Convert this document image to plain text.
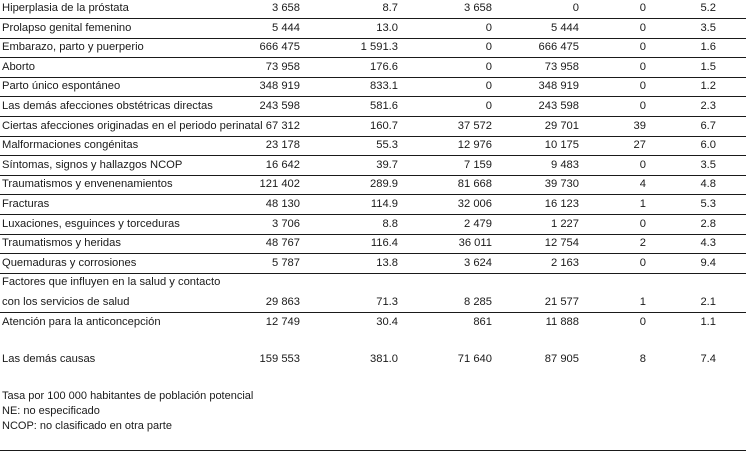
Hiperplasia de la próstata	3 658	8.7	3 658	0	0	5.2
Prolapso genital femenino	5 444	13.0	0	5 444	0	3.5
Embarazo, parto y puerperio	666 475	1 591.3	0	666 475	0	1.6
Aborto	73 958	176.6	0	73 958	0	1.5
Parto único espontáneo	348 919	833.1	0	348 919	0	1.2
Las demás afecciones obstétricas directas	243 598	581.6	0	243 598	0	2.3
Ciertas afecciones originadas en el periodo perinatal 67 312	160.7	37 572	29 701	39	6.7
Malformaciones congénitas	23 178	55.3	12 976	10 175	27	6.0
Síntomas, signos y hallazgos NCOP	16 642	39.7	7 159	9 483	0	3.5
Traumatismos y envenenamientos	121 402	289.9	81 668	39 730	4	4.8
Fracturas	48 130	114.9	32 006	16 123	1	5.3
Luxaciones, esguinces y torceduras	3 706	8.8	2 479	1 227	0	2.8
Traumatismos y heridas	48 767	116.4	36 011	12 754	2	4.3
Quemaduras y corrosiones	5 787	13.8	3 624	2 163	0	9.4
Factores que influyen en la salud y contacto
con los servicios de salud	29 863	71.3	8 285	21 577	1	2.1
Atención para la anticoncepción	12 749	30.4	861	11 888	0	1.1
Las demás causas	159 553	381.0	71 640	87 905	8	7.4
Tasa por 100 000 habitantes de población potencial
NE: no especificado
NCOP: no clasificado en otra parte
